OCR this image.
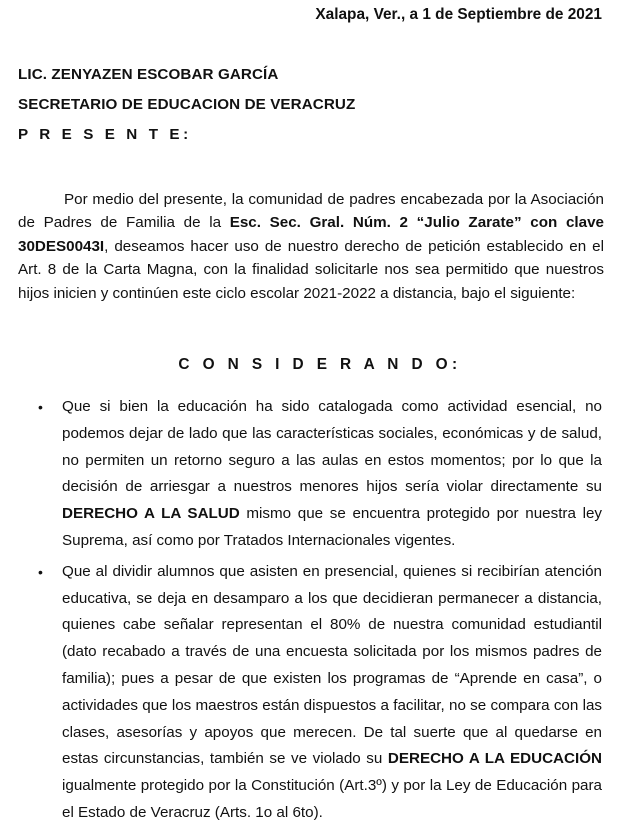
Xalapa, Ver., a 1 de Septiembre de 2021
LIC. ZENYAZEN ESCOBAR GARCÍA
SECRETARIO DE EDUCACION DE VERACRUZ
P R E S E N T E:

Por medio del presente, la comunidad de padres encabezada por la Asociación de Padres de Familia de la Esc. Sec. Gral. Núm. 2 “Julio Zarate” con clave 30DES0043I, deseamos hacer uso de nuestro derecho de petición establecido en el Art. 8 de la Carta Magna, con la finalidad solicitarle nos sea permitido que nuestros hijos inicien y continúen este ciclo escolar 2021-2022 a distancia, bajo el siguiente:

C O N S I D E R A N D O:
• Que si bien la educación ha sido catalogada como actividad esencial, no podemos dejar de lado que las características sociales, económicas y de salud, no permiten un retorno seguro a las aulas en estos momentos; por lo que la decisión de arriesgar a nuestros menores hijos sería violar directamente su DERECHO A LA SALUD mismo que se encuentra protegido por nuestra ley Suprema, así como por Tratados Internacionales vigentes.
• Que al dividir alumnos que asisten en presencial, quienes si recibirían atención educativa, se deja en desamparo a los que decidieran permanecer a distancia, quienes cabe señalar representan el 80% de nuestra comunidad estudiantil (dato recabado a través de una encuesta solicitada por los mismos padres de familia); pues a pesar de que existen los programas de “Aprende en casa”, o actividades que los maestros están dispuestos a facilitar, no se compara con las clases, asesorías y apoyos que merecen. De tal suerte que al quedarse en estas circunstancias, también se ve violado su DERECHO A LA EDUCACIÓN igualmente protegido por la Constitución (Art.3º) y por la Ley de Educación para el Estado de Veracruz (Arts. 1o al 6to).
